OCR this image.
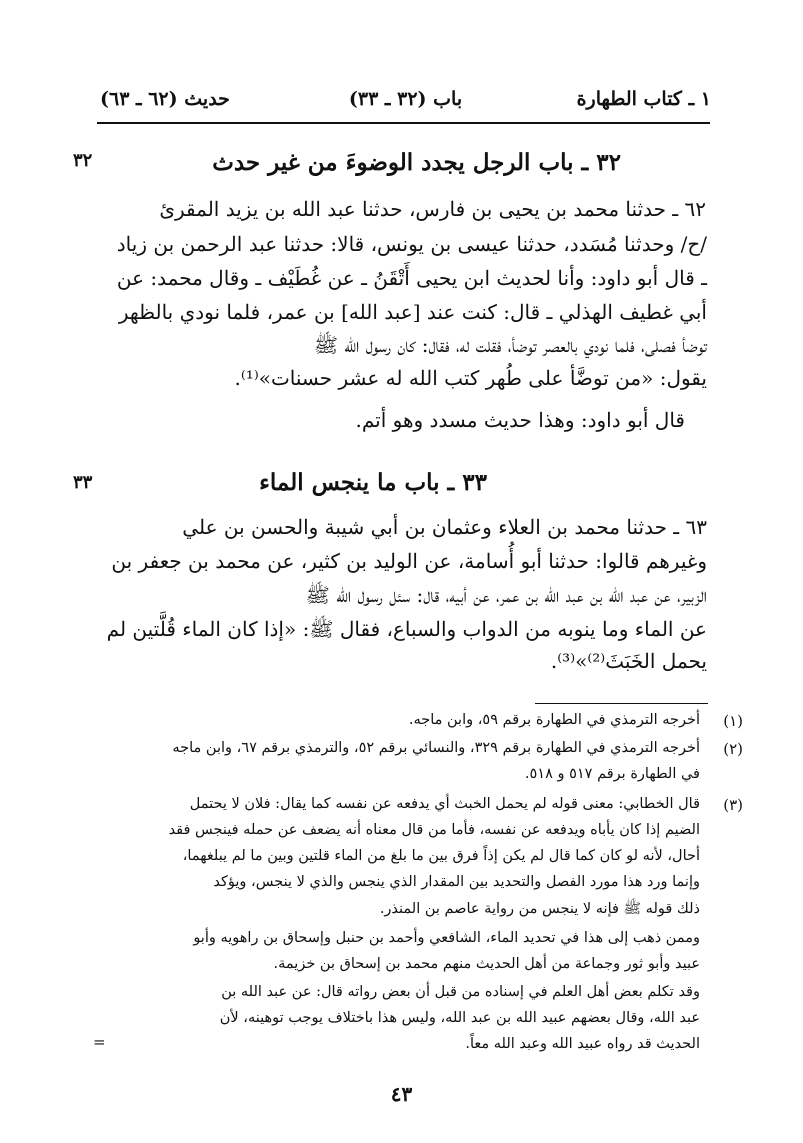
١ ـ كتاب الطهارة
(٣٢ ـ ٣٣) باب
(٦٢ ـ ٦٣) حديث
٣٢	٣٢ ـ باب الرجل يجدد الوضوءَ من غير حدث
٦٢ ـ حدثنا محمد بن يحيى بن فارس، حدثنا عبد الله بن يزيد المقرئ
/ح/ وحدثنا مُسَدد، حدثنا عيسى بن يونس، قالا: حدثنا عبد الرحمن بن زياد
ـ قال أبو داود: وأنا لحديث ابن يحيى أَتْقَنُ ـ عن غُطَيْف ـ وقال محمد: عن
أبي غطيف الهذلي ـ قال: كنت عند [عبد الله] بن عمر، فلما نودي بالظهر
توضأ فصلى، فلما نودي بالعصر توضأ، فقلت له، فقال: كان رسول الله ﷺ
يقول: «من توضَّأ على طُهر كتب الله له عشر حسنات»⁽¹⁾.
قال أبو داود: وهذا حديث مسدد وهو أتم.
٣٣	٣٣ ـ باب ما ينجس الماء
٦٣ ـ حدثنا محمد بن العلاء وعثمان بن أبي شيبة والحسن بن علي
وغيرهم قالوا: حدثنا أبو أُسامة، عن الوليد بن كثير، عن محمد بن جعفر بن
الزبير، عن عبد الله بن عبد الله بن عمر، عن أبيه، قال: سئل رسول الله ﷺ
عن الماء وما ينوبه من الدواب والسباع، فقال ﷺ: «إذا كان الماء قُلَّتين لم
يحمل الخَبَثَ⁽²⁾»⁽³⁾.
(١)
أخرجه الترمذي في الطهارة برقم ٥٩، وابن ماجه.
(٢)
أخرجه الترمذي في الطهارة برقم ٣٢٩، والنسائي برقم ٥٢، والترمذي برقم ٦٧، وابن ماجه
في الطهارة برقم ٥١٧ و ٥١٨.
(٣)
قال الخطابي: معنى قوله لم يحمل الخبث أي يدفعه عن نفسه كما يقال: فلان لا يحتمل
الضيم إذا كان يأباه ويدفعه عن نفسه، فأما من قال معناه أنه يضعف عن حمله فينجس فقد
أحال، لأنه لو كان كما قال لم يكن إذاً فرق بين ما بلغ من الماء قلتين وبين ما لم يبلغهما،
وإنما ورد هذا مورد الفصل والتحديد بين المقدار الذي ينجس والذي لا ينجس، ويؤكد
ذلك قوله ﷺ فإنه لا ينجس من رواية عاصم بن المنذر.
وممن ذهب إلى هذا في تحديد الماء، الشافعي وأحمد بن حنبل وإسحاق بن راهويه وأبو
عبيد وأبو ثور وجماعة من أهل الحديث منهم محمد بن إسحاق بن خزيمة.
وقد تكلم بعض أهل العلم في إسناده من قبل أن بعض رواته قال: عن عبد الله بن
عبد الله، وقال بعضهم عبيد الله بن عبد الله، وليس هذا باختلاف يوجب توهينه، لأن
الحديث قد رواه عبيد الله وعبد الله معاً.
=
٤٣
